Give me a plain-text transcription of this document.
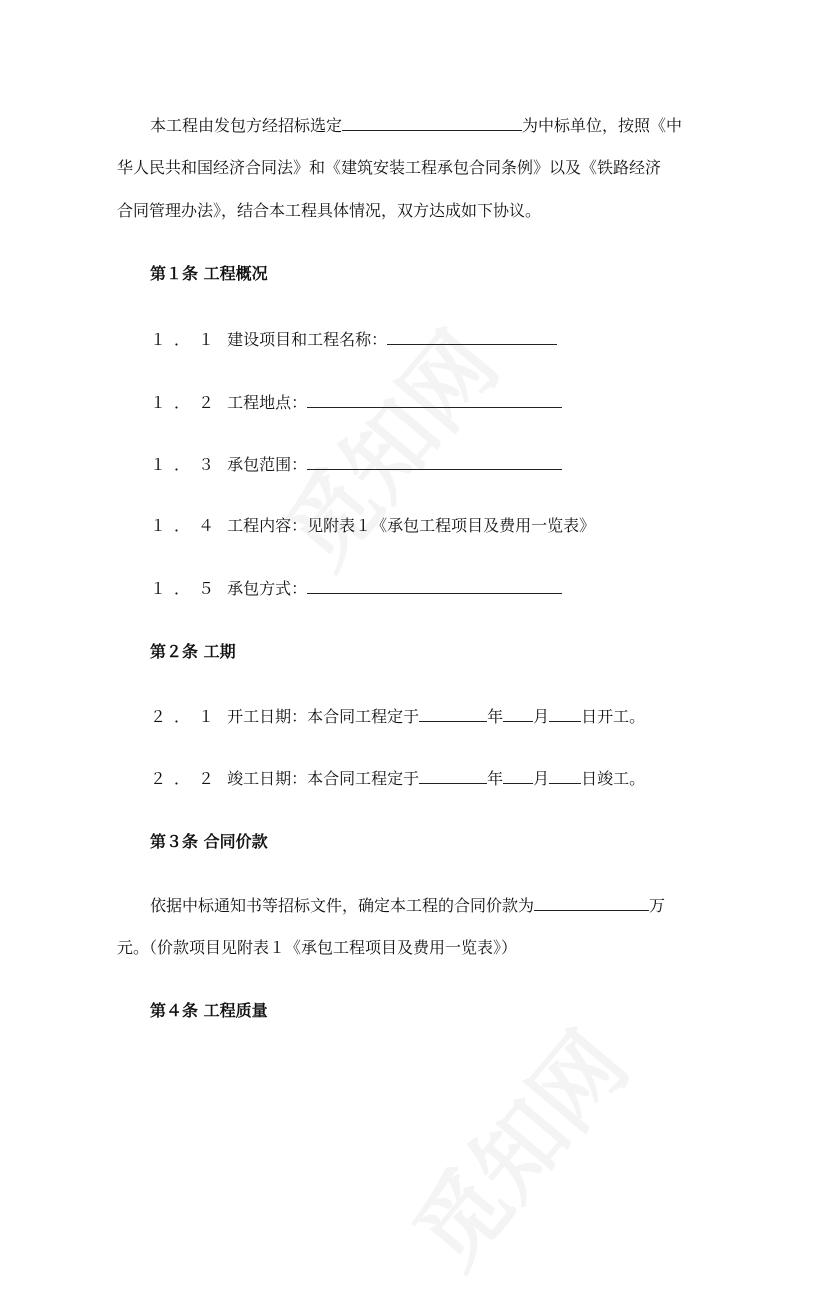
本工程由发包方经招标选定	为中标单位，按照《中
华人民共和国经济合同法》和《建筑安装工程承包合同条例》以及《铁路经济
合同管理办法》，结合本工程具体情况，双方达成如下协议。
第１条 工程概况
１．１ 建设项目和工程名称：
１．２ 工程地点：
１．３ 承包范围：
１．４ 工程内容：见附表１《承包工程项目及费用一览表》
１．５ 承包方式：
第２条 工期
２．１ 开工日期：本合同工程定于	年 月 日开工。
２．２ 竣工日期：本合同工程定于	年 月 日竣工。
第３条 合同价款
依据中标通知书等招标文件，确定本工程的合同价款为	万
元。（价款项目见附表１《承包工程项目及费用一览表》）
第４条 工程质量
